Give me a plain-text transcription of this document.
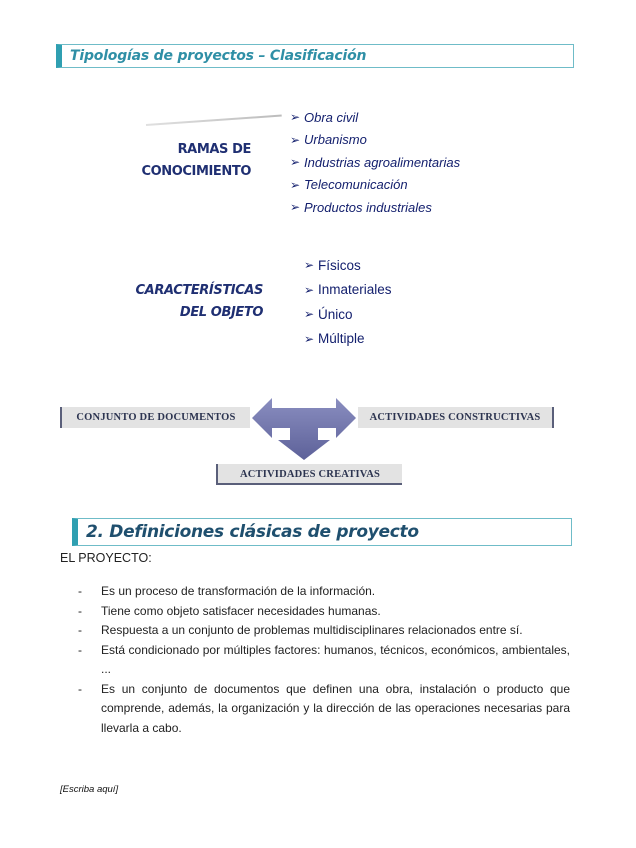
Tipologías de proyectos – Clasificación
RAMAS DE
CONOCIMIENTO
➢ Obra civil
➢ Urbanismo
➢ Industrias agroalimentarias
➢ Telecomunicación
➢ Productos industriales
CARACTERÍSTICAS
DEL OBJETO
➢ Físicos
➢ Inmateriales
➢ Único
➢ Múltiple
CONJUNTO DE DOCUMENTOS	ACTIVIDADES CONSTRUCTIVAS
ACTIVIDADES CREATIVAS
2. Definiciones clásicas de proyecto
EL PROYECTO:
- Es un proceso de transformación de la información.
- Tiene como objeto satisfacer necesidades humanas.
- Respuesta a un conjunto de problemas multidisciplinares relacionados entre sí.
- Está condicionado por múltiples factores: humanos, técnicos, económicos, ambientales, ...
- Es un conjunto de documentos que definen una obra, instalación o producto que comprende, además, la organización y la dirección de las operaciones necesarias para llevarla a cabo.
[Escriba aquí]
